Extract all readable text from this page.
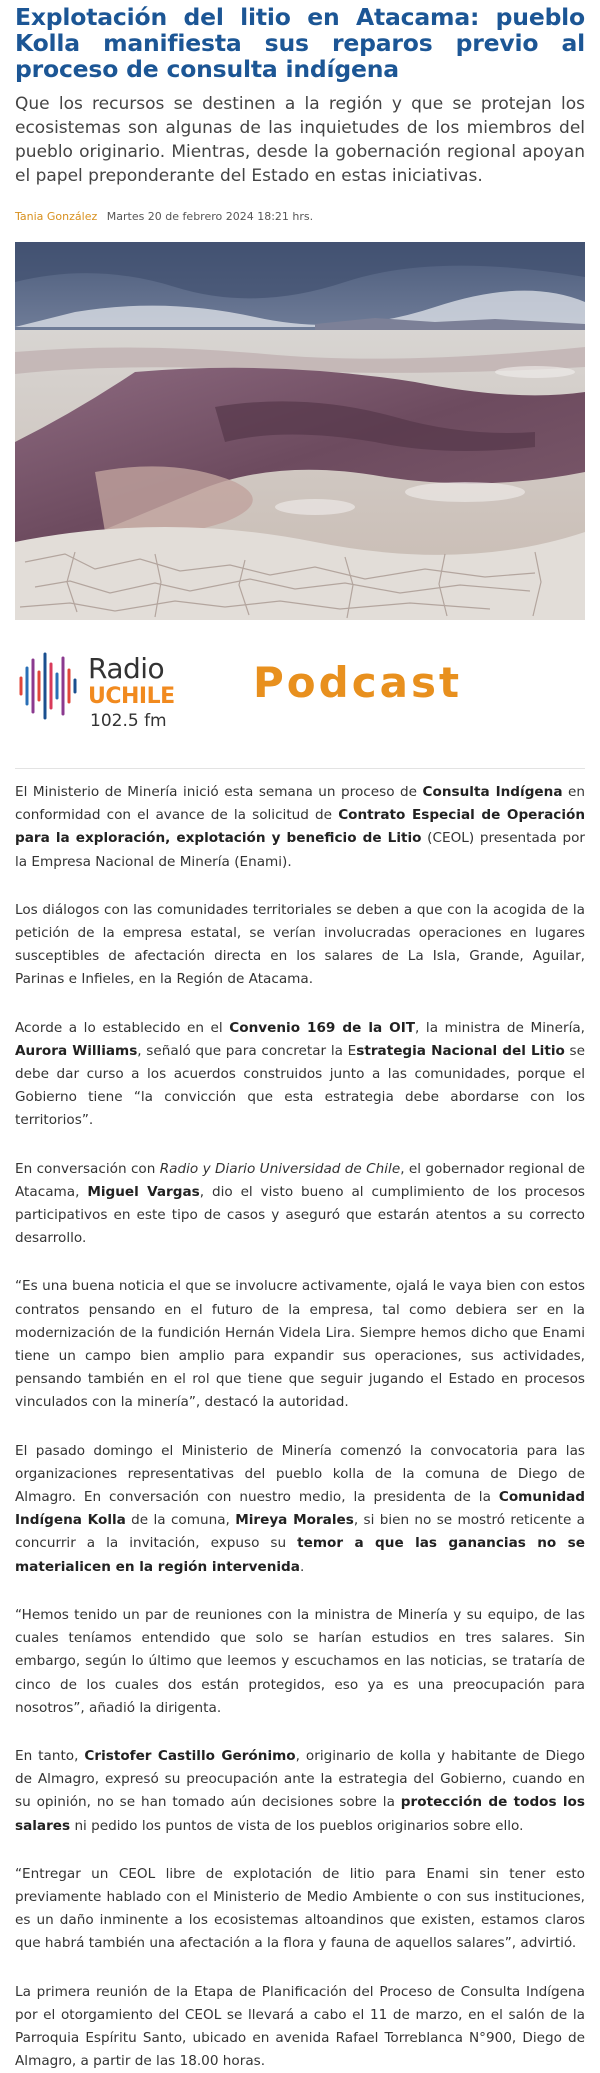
Explotación del litio en Atacama: pueblo Kolla manifiesta sus reparos previo al proceso de consulta indígena

Que los recursos se destinen a la región y que se protejan los ecosistemas son algunas de las inquietudes de los miembros del pueblo originario. Mientras, desde la gobernación regional apoyan el papel preponderante del Estado en estas iniciativas.

Tania González Martes 20 de febrero 2024 18:21 hrs.
Radio
UCHILE
102.5 fm
Podcast

El Ministerio de Minería inició esta semana un proceso de Consulta Indígena en conformidad con el avance de la solicitud de Contrato Especial de Operación para la exploración, explotación y beneficio de Litio (CEOL) presentada por la Empresa Nacional de Minería (Enami).

Los diálogos con las comunidades territoriales se deben a que con la acogida de la petición de la empresa estatal, se verían involucradas operaciones en lugares susceptibles de afectación directa en los salares de La Isla, Grande, Aguilar, Parinas e Infieles, en la Región de Atacama.

Acorde a lo establecido en el Convenio 169 de la OIT, la ministra de Minería, Aurora Williams, señaló que para concretar la Estrategia Nacional del Litio se debe dar curso a los acuerdos construidos junto a las comunidades, porque el Gobierno tiene “la convicción que esta estrategia debe abordarse con los territorios”.

En conversación con Radio y Diario Universidad de Chile, el gobernador regional de Atacama, Miguel Vargas, dio el visto bueno al cumplimiento de los procesos participativos en este tipo de casos y aseguró que estarán atentos a su correcto desarrollo.

“Es una buena noticia el que se involucre activamente, ojalá le vaya bien con estos contratos pensando en el futuro de la empresa, tal como debiera ser en la modernización de la fundición Hernán Videla Lira. Siempre hemos dicho que Enami tiene un campo bien amplio para expandir sus operaciones, sus actividades, pensando también en el rol que tiene que seguir jugando el Estado en procesos vinculados con la minería”, destacó la autoridad.

El pasado domingo el Ministerio de Minería comenzó la convocatoria para las organizaciones representativas del pueblo kolla de la comuna de Diego de Almagro. En conversación con nuestro medio, la presidenta de la Comunidad Indígena Kolla de la comuna, Mireya Morales, si bien no se mostró reticente a concurrir a la invitación, expuso su temor a que las ganancias no se materialicen en la región intervenida.

“Hemos tenido un par de reuniones con la ministra de Minería y su equipo, de las cuales teníamos entendido que solo se harían estudios en tres salares. Sin embargo, según lo último que leemos y escuchamos en las noticias, se trataría de cinco de los cuales dos están protegidos, eso ya es una preocupación para nosotros”, añadió la dirigenta.

En tanto, Cristofer Castillo Gerónimo, originario de kolla y habitante de Diego de Almagro, expresó su preocupación ante la estrategia del Gobierno, cuando en su opinión, no se han tomado aún decisiones sobre la protección de todos los salares ni pedido los puntos de vista de los pueblos originarios sobre ello.

“Entregar un CEOL libre de explotación de litio para Enami sin tener esto previamente hablado con el Ministerio de Medio Ambiente o con sus instituciones, es un daño inminente a los ecosistemas altoandinos que existen, estamos claros que habrá también una afectación a la flora y fauna de aquellos salares”, advirtió.

La primera reunión de la Etapa de Planificación del Proceso de Consulta Indígena por el otorgamiento del CEOL se llevará a cabo el 11 de marzo, en el salón de la Parroquia Espíritu Santo, ubicado en avenida Rafael Torreblanca N°900, Diego de Almagro, a partir de las 18.00 horas.
